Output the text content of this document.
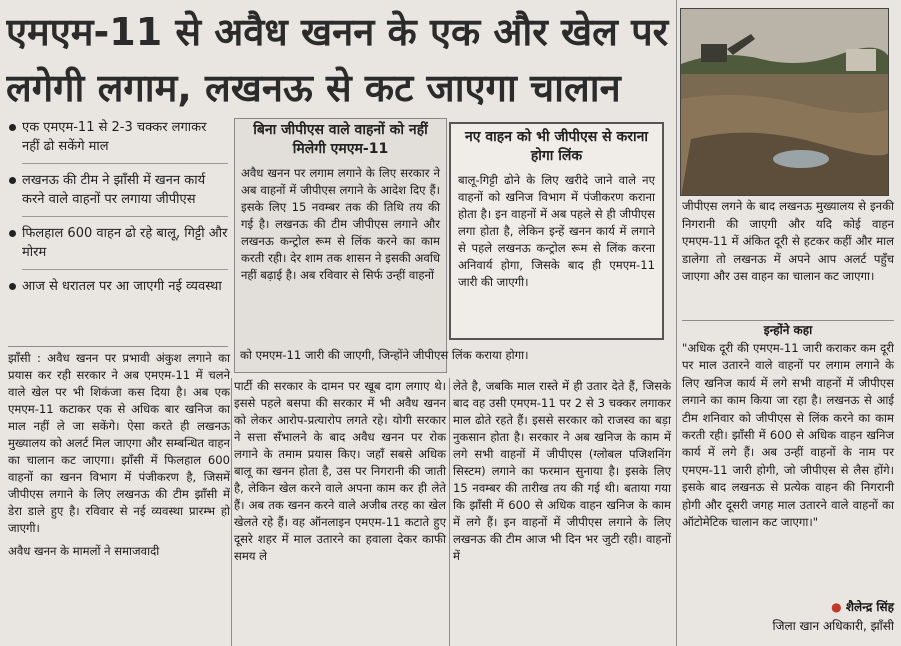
एमएम-11 से अवैध खनन के एक और खेल पर
लगेगी लगाम, लखनऊ से कट जाएगा चालान
एक एमएम-11 से 2-3 चक्कर लगाकर नहीं ढो सकेंगे माल
लखनऊ की टीम ने झाँसी में खनन कार्य करने वाले वाहनों पर लगाया जीपीएस
फिलहाल 600 वाहन ढो रहे बालू, गिट्टी और मोरम
आज से धरातल पर आ जाएगी नई व्यवस्था
बिना जीपीएस वाले वाहनों को नहीं मिलेगी एमएम-11

अवैध खनन पर लगाम लगाने के लिए सरकार ने अब वाहनों में जीपीएस लगाने के आदेश दिए हैं। इसके लिए 15 नवम्बर तक की तिथि तय की गई है। लखनऊ की टीम जीपीएस लगाने और लखनऊ कन्ट्रोल रूम से लिंक करने का काम करती रही। देर शाम तक शासन ने इसकी अवधि नहीं बढ़ाई है। अब रविवार से सिर्फ उन्हीं वाहनों

को एमएम-11 जारी की जाएगी, जिन्होंने जीपीएस लिंक कराया होगा।
नए वाहन को भी जीपीएस से कराना होगा लिंक

बालू-गिट्टी ढोने के लिए खरीदे जाने वाले नए वाहनों को खनिज विभाग में पंजीकरण कराना होता है। इन वाहनों में अब पहले से ही जीपीएस लगा होता है, लेकिन इन्हें खनन कार्य में लगाने से पहले लखनऊ कन्ट्रोल रूम से लिंक करना अनिवार्य होगा, जिसके बाद ही एमएम-11 जारी की जाएगी।

जीपीएस लगने के बाद लखनऊ मुख्यालय से इनकी निगरानी की जाएगी और यदि कोई वाहन एमएम-11 में अंकित दूरी से हटकर कहीं और माल डालेगा तो लखनऊ में अपने आप अलर्ट पहुँच जाएगा और उस वाहन का चालान कट जाएगा।
इन्होंने कहा
"अधिक दूरी की एमएम-11 जारी कराकर कम दूरी पर माल उतारने वाले वाहनों पर लगाम लगाने के लिए खनिज कार्य में लगे सभी वाहनों में जीपीएस लगाने का काम किया जा रहा है। लखनऊ से आई टीम शनिवार को जीपीएस से लिंक करने का काम करती रही। झाँसी में 600 से अधिक वाहन खनिज कार्य में लगे हैं। अब उन्हीं वाहनों के नाम पर एमएम-11 जारी होगी, जो जीपीएस से लैस होंगे। इसके बाद लखनऊ से प्रत्येक वाहन की निगरानी होगी और दूसरी जगह माल उतारने वाले वाहनों का ऑटोमेटिक चालान कट जाएगा।"
● शैलेन्द्र सिंह
जिला खान अधिकारी, झाँसी

झाँसी : अवैध खनन पर प्रभावी अंकुश लगाने का प्रयास कर रही सरकार ने अब एमएम-11 में चलने वाले खेल पर भी शिकंजा कस दिया है। अब एक एमएम-11 कटाकर एक से अधिक बार खनिज का माल नहीं ले जा सकेंगे। ऐसा करते ही लखनऊ मुख्यालय को अलर्ट मिल जाएगा और सम्बन्धित वाहन का चालान कट जाएगा। झाँसी में फिलहाल 600 वाहनों का खनन विभाग में पंजीकरण है, जिसमें जीपीएस लगाने के लिए लखनऊ की टीम झाँसी में डेरा डाले हुए है। रविवार से नई व्यवस्था प्रारम्भ हो जाएगी।

अवैध खनन के मामलों ने समाजवादी

पार्टी की सरकार के दामन पर खूब दाग लगाए थे। इससे पहले बसपा की सरकार में भी अवैध खनन को लेकर आरोप-प्रत्यारोप लगते रहे। योगी सरकार ने सत्ता सँभालने के बाद अवैध खनन पर रोक लगाने के तमाम प्रयास किए। जहाँ सबसे अधिक बालू का खनन होता है, उस पर निगरानी की जाती है, लेकिन खेल करने वाले अपना काम कर ही लेते हैं। अब तक खनन करने वाले अजीब तरह का खेल खेलते रहे हैं। वह ऑनलाइन एमएम-11 कटाते हुए दूसरे शहर में माल उतारने का हवाला देकर काफी समय ले

लेते है, जबकि माल रास्ते में ही उतार देते हैं, जिसके बाद वह उसी एमएम-11 पर 2 से 3 चक्कर लगाकर माल ढोते रहते हैं। इससे सरकार को राजस्व का बड़ा नुकसान होता है। सरकार ने अब खनिज के काम में लगे सभी वाहनों में जीपीएस (ग्लोबल पजिशनिंग सिस्टम) लगाने का फरमान सुनाया है। इसके लिए 15 नवम्बर की तारीख तय की गई थी। बताया गया कि झाँसी में 600 से अधिक वाहन खनिज के काम में लगे हैं। इन वाहनों में जीपीएस लगाने के लिए लखनऊ की टीम आज भी दिन भर जुटी रही। वाहनों में
